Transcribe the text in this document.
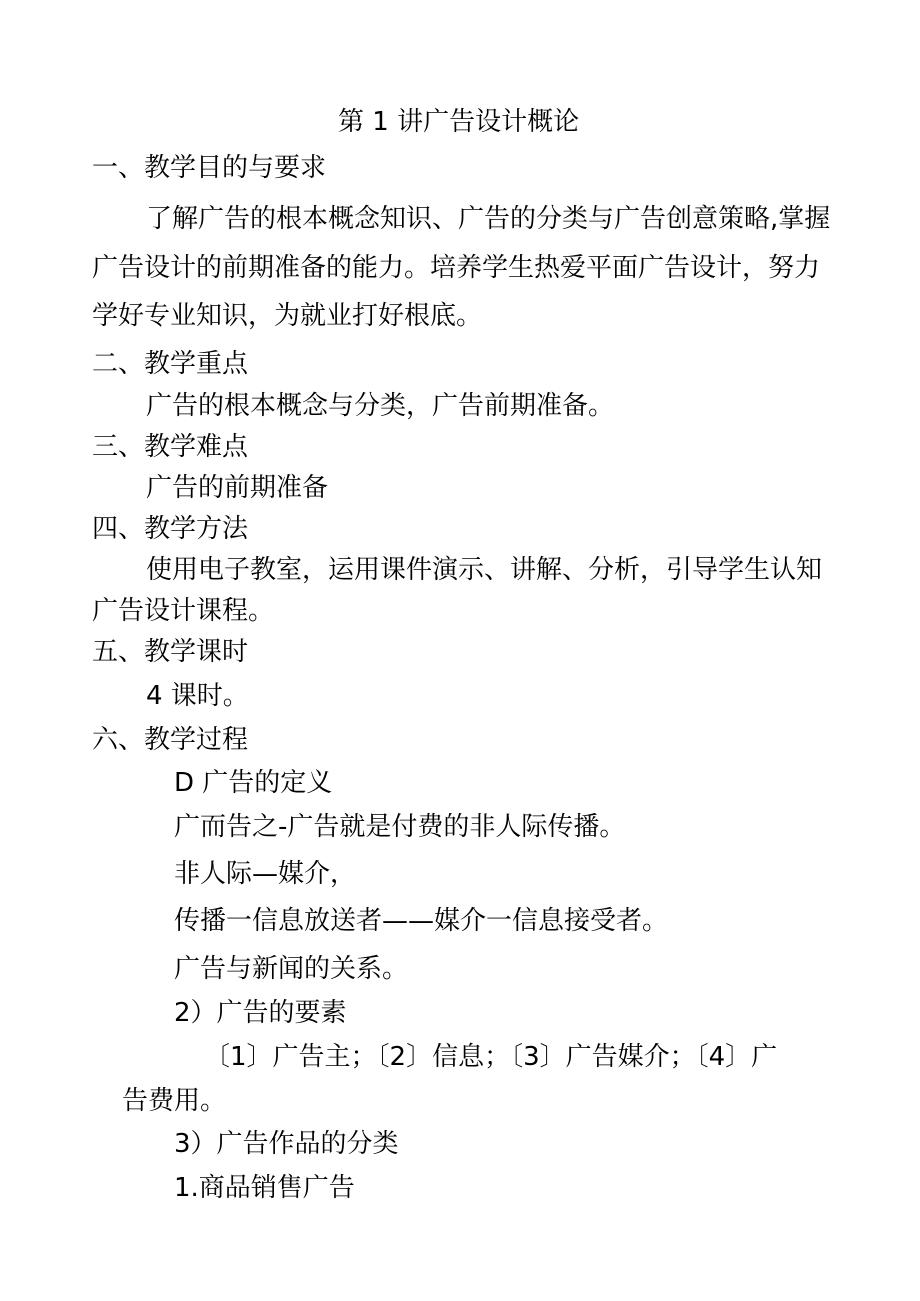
第 1 讲广告设计概论
一、教学目的与要求
了解广告的根本概念知识、广告的分类与广告创意策略,掌握
广告设计的前期准备的能力。培养学生热爱平面广告设计，努力
学好专业知识，为就业打好根底。
二、教学重点
广告的根本概念与分类，广告前期准备。
三、教学难点
广告的前期准备
四、教学方法
使用电子教室，运用课件演示、讲解、分析，引导学生认知
广告设计课程。
五、教学课时
4 课时。
六、教学过程
D 广告的定义
广而告之-广告就是付费的非人际传播。
非人际—媒介，
传播一信息放送者——媒介一信息接受者。
广告与新闻的关系。
2）广告的要素
〔1〕广告主；〔2〕信息；〔3〕广告媒介；〔4〕广
告费用。
3）广告作品的分类
1.商品销售广告
